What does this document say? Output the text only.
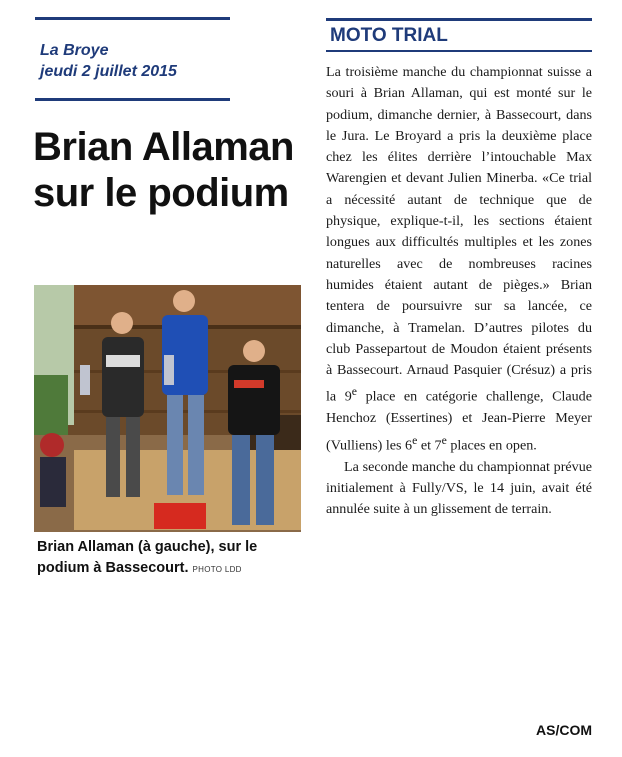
La Broye
jeudi 2 juillet 2015
Brian Allaman sur le podium
Brian Allaman (à gauche), sur le podium à Bassecourt. PHOTO LDD
MOTO TRIAL

La troisième manche du championnat suisse a souri à Brian Allaman, qui est monté sur le podium, dimanche dernier, à Bassecourt, dans le Jura. Le Broyard a pris la deuxième place chez les élites derrière l’intouchable Max Warengien et devant Julien Minerba. «Ce trial a nécessité autant de technique que de physique, explique-t-il, les sections étaient longues aux difficultés multiples et les zones naturelles avec de nombreuses racines humides étaient autant de pièges.» Brian tentera de poursuivre sur sa lancée, ce dimanche, à Tramelan. D’autres pilotes du club Passepartout de Moudon étaient présents à Bassecourt. Arnaud Pasquier (Crésuz) a pris la 9e place en catégorie challenge, Claude Henchoz (Essertines) et Jean-Pierre Meyer (Vulliens) les 6e et 7e places en open.

La seconde manche du championnat prévue initialement à Fully/VS, le 14 juin, avait été annulée suite à un glissement de terrain.

AS/COM
